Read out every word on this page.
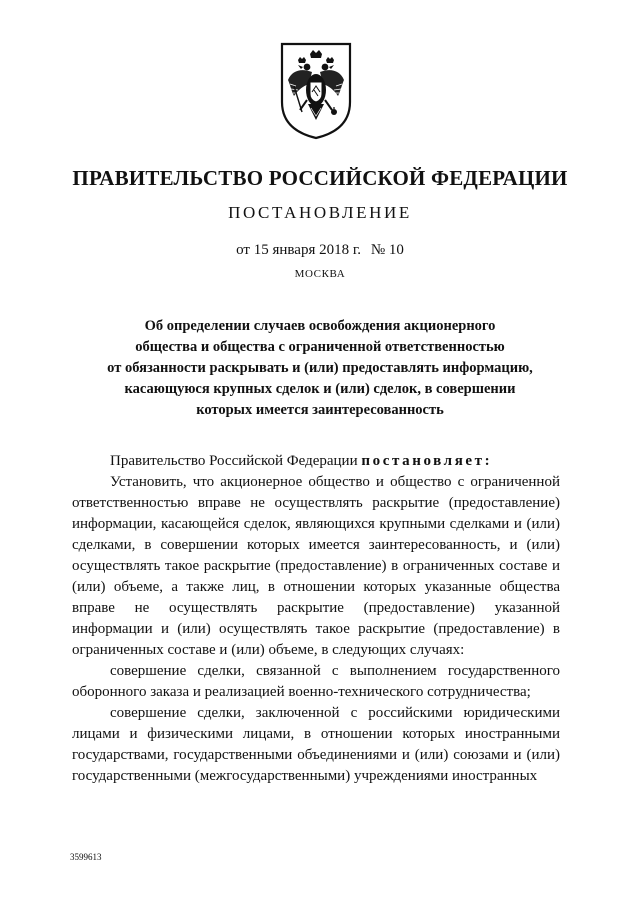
ПРАВИТЕЛЬСТВО РОССИЙСКОЙ ФЕДЕРАЦИИ
ПОСТАНОВЛЕНИЕ
от 15 января 2018 г. № 10
МОСКВА
Об определении случаев освобождения акционерного
общества и общества с ограниченной ответственностью
от обязанности раскрывать и (или) предоставлять информацию,
касающуюся крупных сделок и (или) сделок, в совершении
которых имеется заинтересованность

Правительство Российской Федерации постановляет:

Установить, что акционерное общество и общество с ограниченной ответственностью вправе не осуществлять раскрытие (предоставление) информации, касающейся сделок, являющихся крупными сделками и (или) сделками, в совершении которых имеется заинтересованность, и (или) осуществлять такое раскрытие (предоставление) в ограниченных составе и (или) объеме, а также лиц, в отношении которых указанные общества вправе не осуществлять раскрытие (предоставление) указанной информации и (или) осуществлять такое раскрытие (предоставление) в ограниченных составе и (или) объеме, в следующих случаях:

совершение сделки, связанной с выполнением государственного оборонного заказа и реализацией военно-технического сотрудничества;

совершение сделки, заключенной с российскими юридическими лицами и физическими лицами, в отношении которых иностранными государствами, государственными объединениями и (или) союзами и (или) государственными (межгосударственными) учреждениями иностранных

3599613
